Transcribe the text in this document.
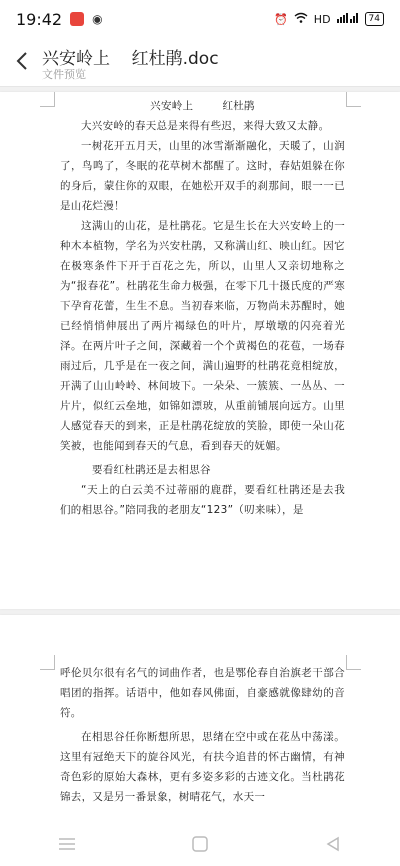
19:42	◉	⏰ HD	74
兴安岭上    红杜鹃.doc
文件预览

兴安岭上        红杜鹃

大兴安岭的春天总是来得有些迟，来得大致又太静。

一树花开五月天，山里的冰雪渐渐融化，天暖了，山润了，鸟鸣了，冬眠的花草树木都醒了。这时，春姑姐躲在你的身后，蒙住你的双眼，在她松开双手的刹那间，眼一一已是山花烂漫！

这满山的山花，是杜鹃花。它是生长在大兴安岭上的一种木本植物，学名为兴安杜鹃，又称满山红、映山红。因它在极寒条件下开于百花之先，所以，山里人又亲切地称之为“报春花”。杜鹃花生命力极强，在零下几十摄氏度的严寒下孕育花蕾，生生不息。当初春来临，万物尚未苏醒时，她已经悄悄伸展出了两片褐绿色的叶片，厚墩墩的闪亮着光泽。在两片叶子之间，深藏着一个个黄褐色的花苞，一场春雨过后，几乎是在一夜之间，满山遍野的杜鹃花竟相绽放，开满了山山岭岭、林间坡下。一朵朵、一簇簇、一丛丛、一片片，似红云垒地，如锦如漂玻，从重前铺展向远方。山里人感觉春天的到来，正是杜鹃花绽放的笑脸，即使一朵山花笑被，也能闻到春天的气息，看到春天的妩媚。

要看红杜鹃还是去相思谷

“天上的白云美不过蒂丽的鹿群，要看红杜鹃还是去我们的相思谷。”陪同我的老朋友“123”（叨来味），是

呼伦贝尔很有名气的词曲作者，也是鄂伦春自治旗老干部合唱团的指挥。话语中，他如春风佛面，自豪感就像肆幼的音符。

在相思谷任你断想所思，思绪在空中或在花丛中荡漾。这里有冠绝天下的旋谷风光，有扶今追昔的怀古幽情，有神奇色彩的原始大森林，更有多姿多彩的古迹文化。当杜鹃花锦去，又是另一番景象，树晴花气，水天一
